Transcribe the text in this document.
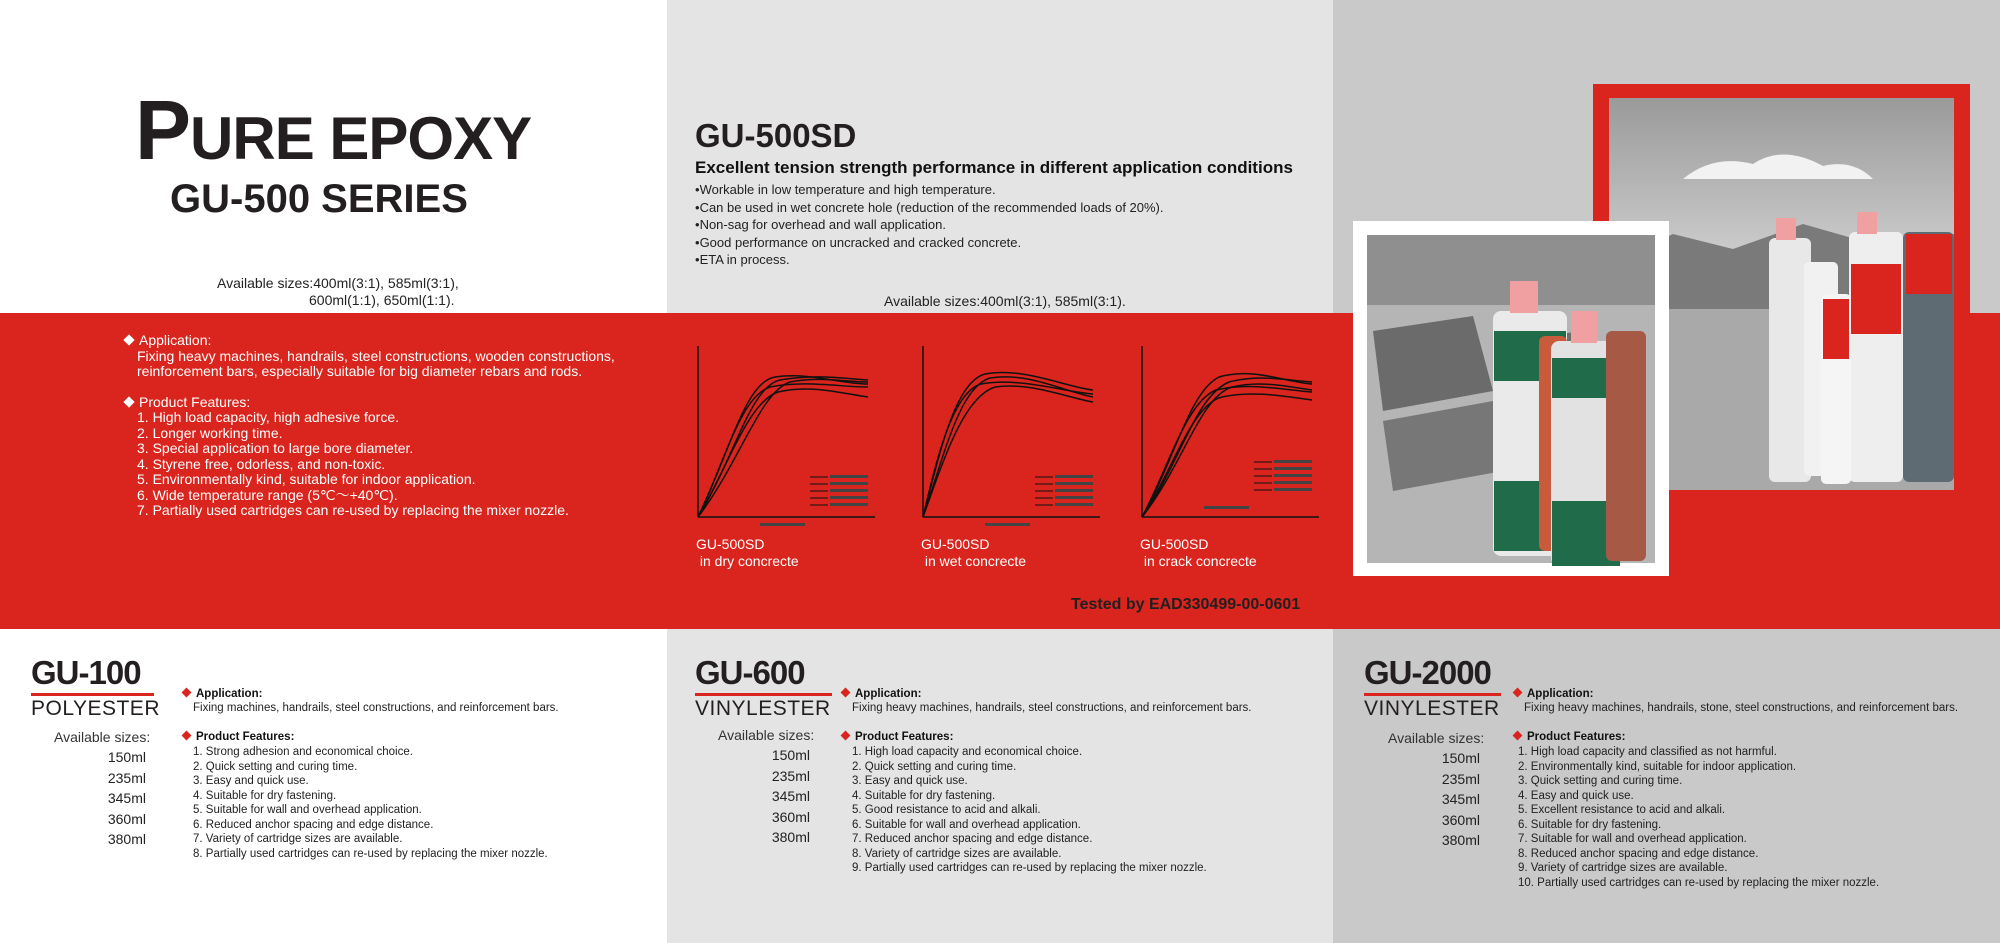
PURE EPOXY
GU-500 SERIES
Available sizes:400ml(3:1), 585ml(3:1),
600ml(1:1), 650ml(1:1).
GU-500SD
Excellent tension strength performance in different application conditions
• Workable in low temperature and high temperature.
• Can be used in wet concrete hole (reduction of the recommended loads of 20%).
• Non-sag for overhead and wall application.
• Good performance on uncracked and cracked concrete.
• ETA in process.
Available sizes:400ml(3:1), 585ml(3:1).
Application:
Fixing heavy machines, handrails, steel constructions, wooden constructions,
reinforcement bars, especially suitable for big diameter rebars and rods.
Product Features:
1. High load capacity, high adhesive force.
2. Longer working time.
3. Special application to large bore diameter.
4. Styrene free, odorless, and non-toxic.
5. Environmentally kind, suitable for indoor application.
6. Wide temperature range (5℃～+40℃).
7. Partially used cartridges can re-used by replacing the mixer nozzle.
GU-500SD
in dry concrecte
GU-500SD
in wet concrecte
GU-500SD
in crack concrecte
Tested by EAD330499-00-0601
GU-100
POLYESTER
Available sizes:
150ml
235ml
345ml
360ml
380ml
Application:
Fixing machines, handrails, steel constructions, and reinforcement bars.
Product Features:
1. Strong adhesion and economical choice.
2. Quick setting and curing time.
3. Easy and quick use.
4. Suitable for dry fastening.
5. Suitable for wall and overhead application.
6. Reduced anchor spacing and edge distance.
7. Variety of cartridge sizes are available.
8. Partially used cartridges can re-used by replacing the mixer nozzle.
GU-600
VINYLESTER
Available sizes:
150ml
235ml
345ml
360ml
380ml
Application:
Fixing heavy machines, handrails, steel constructions, and reinforcement bars.
Product Features:
1. High load capacity and economical choice.
2. Quick setting and curing time.
3. Easy and quick use.
4. Suitable for dry fastening.
5. Good resistance to acid and alkali.
6. Suitable for wall and overhead application.
7. Reduced anchor spacing and edge distance.
8. Variety of cartridge sizes are available.
9. Partially used cartridges can re-used by replacing the mixer nozzle.
GU-2000
VINYLESTER
Available sizes:
150ml
235ml
345ml
360ml
380ml
Application:
Fixing heavy machines, handrails, stone, steel constructions, and reinforcement bars.
Product Features:
1. High load capacity and classified as not harmful.
2. Environmentally kind, suitable for indoor application.
3. Quick setting and curing time.
4. Easy and quick use.
5. Excellent resistance to acid and alkali.
6. Suitable for dry fastening.
7. Suitable for wall and overhead application.
8. Reduced anchor spacing and edge distance.
9. Variety of cartridge sizes are available.
10. Partially used cartridges can re-used by replacing the mixer nozzle.
